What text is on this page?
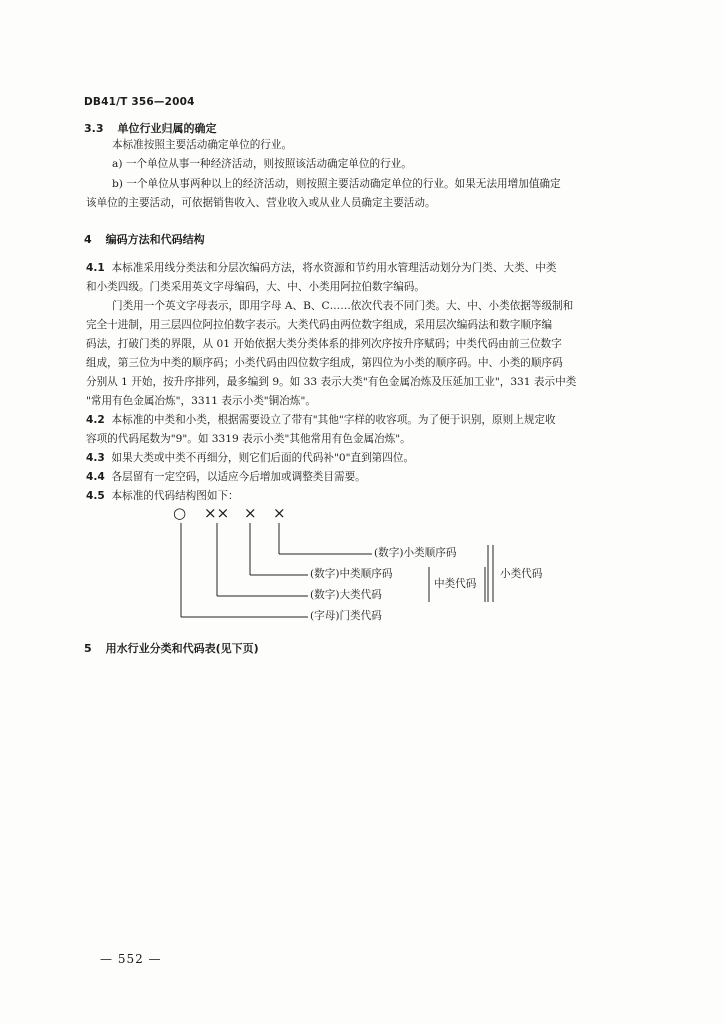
DB41/T 356—2004
3.3 单位行业归属的确定
本标准按照主要活动确定单位的行业。
a) 一个单位从事一种经济活动，则按照该活动确定单位的行业。
b) 一个单位从事两种以上的经济活动，则按照主要活动确定单位的行业。如果无法用增加值确定
该单位的主要活动，可依据销售收入、营业收入或从业人员确定主要活动。
4 编码方法和代码结构
4.1 本标准采用线分类法和分层次编码方法，将水资源和节约用水管理活动划分为门类、大类、中类
和小类四级。门类采用英文字母编码，大、中、小类用阿拉伯数字编码。
门类用一个英文字母表示，即用字母 A、B、C……依次代表不同门类。大、中、小类依据等级制和
完全十进制，用三层四位阿拉伯数字表示。大类代码由两位数字组成，采用层次编码法和数字顺序编
码法，打破门类的界限，从 01 开始依据大类分类体系的排列次序按升序赋码；中类代码由前三位数字
组成，第三位为中类的顺序码；小类代码由四位数字组成，第四位为小类的顺序码。中、小类的顺序码
分别从 1 开始，按升序排列，最多编到 9。如 33 表示大类"有色金属冶炼及压延加工业"，331 表示中类
"常用有色金属冶炼"，3311 表示小类"铜冶炼"。
4.2 本标准的中类和小类，根据需要设立了带有"其他"字样的收容项。为了便于识别，原则上规定收
容项的代码尾数为"9"。如 3319 表示小类"其他常用有色金属冶炼"。
4.3 如果大类或中类不再细分，则它们后面的代码补"0"直到第四位。
4.4 各层留有一定空码，以适应今后增加或调整类目需要。
4.5 本标准的代码结构图如下：
○ ×× × ×
(数字)小类顺序码
(数字)中类顺序码
(数字)大类代码
(字母)门类代码
中类代码
小类代码
5 用水行业分类和代码表(见下页)
— 552 —
